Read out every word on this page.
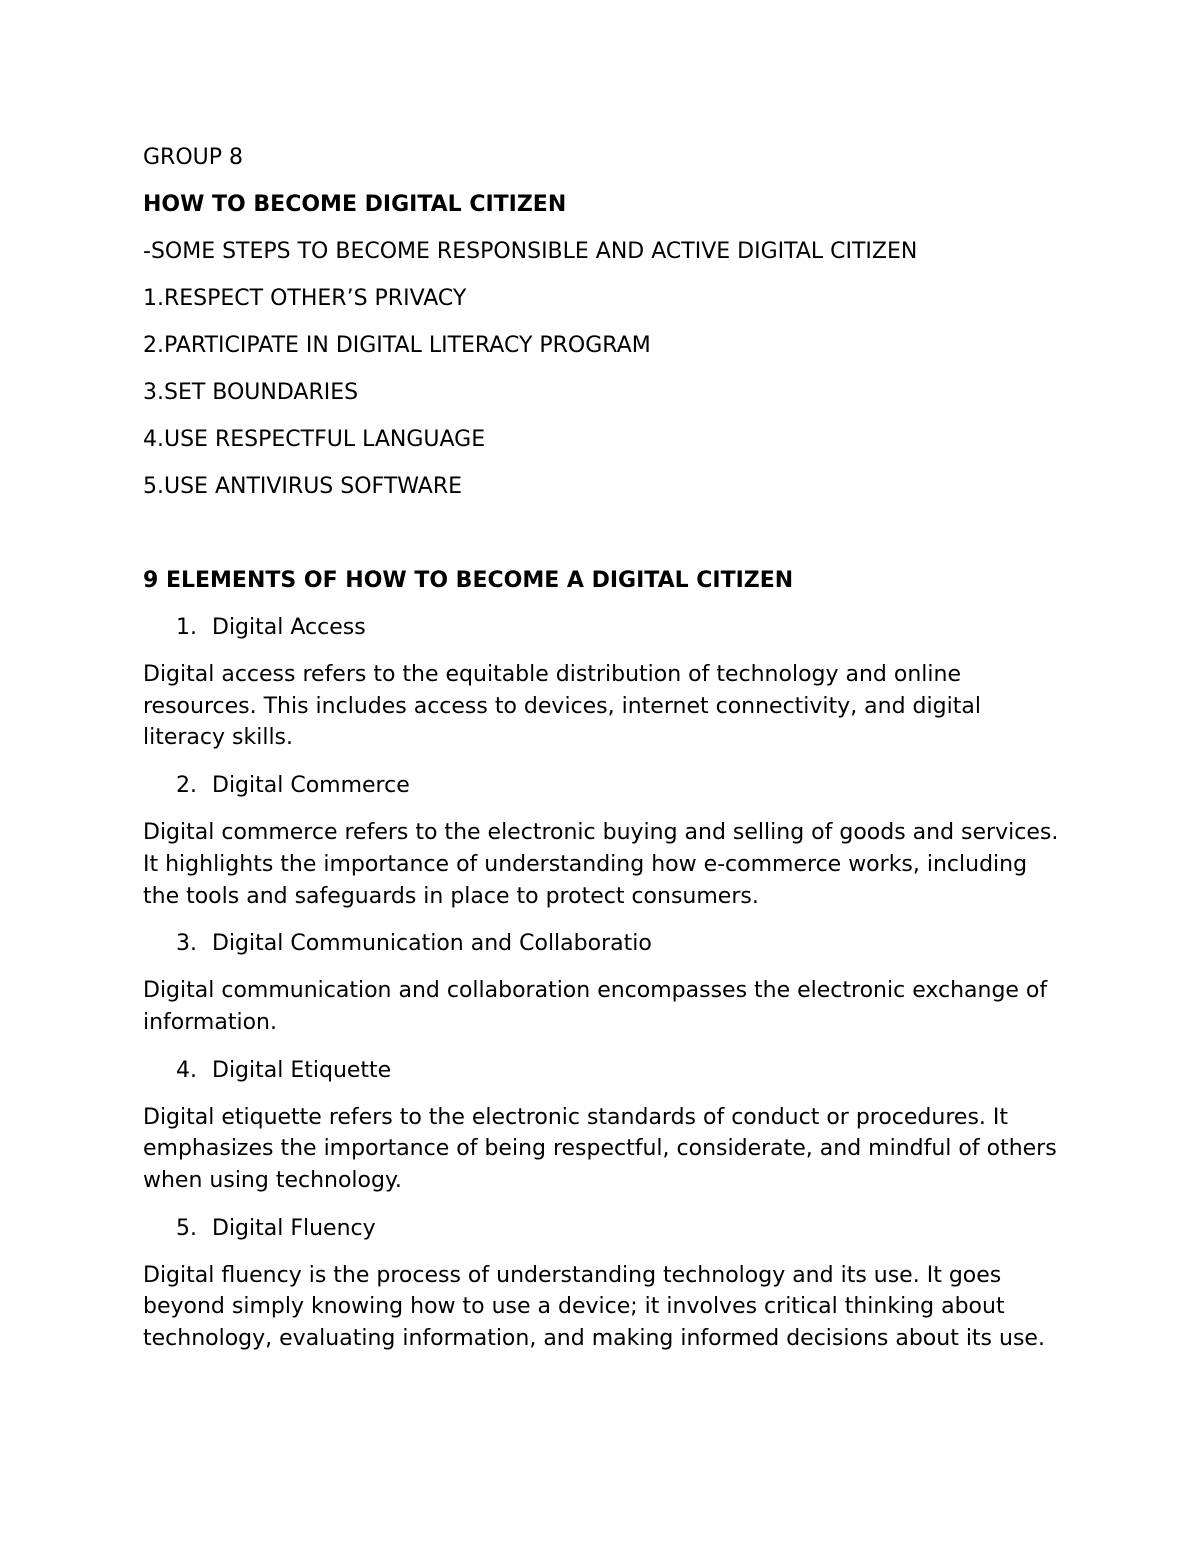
GROUP 8

HOW TO BECOME DIGITAL CITIZEN

-SOME STEPS TO BECOME RESPONSIBLE AND ACTIVE DIGITAL CITIZEN

1.RESPECT OTHER’S PRIVACY

2.PARTICIPATE IN DIGITAL LITERACY PROGRAM

3.SET BOUNDARIES

4.USE RESPECTFUL LANGUAGE

5.USE ANTIVIRUS SOFTWARE

9 ELEMENTS OF HOW TO BECOME A DIGITAL CITIZEN

1. Digital Access

Digital access refers to the equitable distribution of technology and online resources. This includes access to devices, internet connectivity, and digital literacy skills.

2. Digital Commerce

Digital commerce refers to the electronic buying and selling of goods and services. It highlights the importance of understanding how e-commerce works, including the tools and safeguards in place to protect consumers.

3. Digital Communication and Collaboratio

Digital communication and collaboration encompasses the electronic exchange of information.

4. Digital Etiquette

Digital etiquette refers to the electronic standards of conduct or procedures. It emphasizes the importance of being respectful, considerate, and mindful of others when using technology.

5. Digital Fluency

Digital fluency is the process of understanding technology and its use. It goes beyond simply knowing how to use a device; it involves critical thinking about technology, evaluating information, and making informed decisions about its use.
